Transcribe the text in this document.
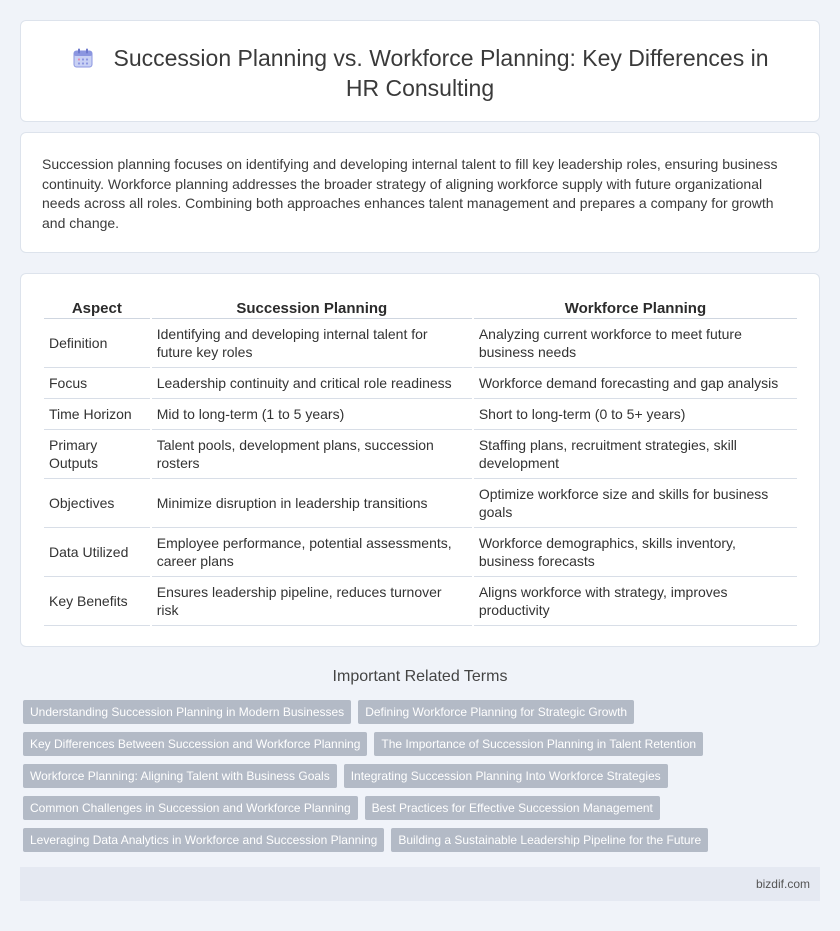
Succession Planning vs. Workforce Planning: Key Differences in HR Consulting

Succession planning focuses on identifying and developing internal talent to fill key leadership roles, ensuring business continuity. Workforce planning addresses the broader strategy of aligning workforce supply with future organizational needs across all roles. Combining both approaches enhances talent management and prepares a company for growth and change.

Aspect	Succession Planning	Workforce Planning
Definition	Identifying and developing internal talent for future key roles	Analyzing current workforce to meet future business needs
Focus	Leadership continuity and critical role readiness	Workforce demand forecasting and gap analysis
Time Horizon	Mid to long-term (1 to 5 years)	Short to long-term (0 to 5+ years)
Primary Outputs	Talent pools, development plans, succession rosters	Staffing plans, recruitment strategies, skill development
Objectives	Minimize disruption in leadership transitions	Optimize workforce size and skills for business goals
Data Utilized	Employee performance, potential assessments, career plans	Workforce demographics, skills inventory, business forecasts
Key Benefits	Ensures leadership pipeline, reduces turnover risk	Aligns workforce with strategy, improves productivity
Important Related Terms
Understanding Succession Planning in Modern Businesses	Defining Workforce Planning for Strategic Growth
Key Differences Between Succession and Workforce Planning	The Importance of Succession Planning in Talent Retention
Workforce Planning: Aligning Talent with Business Goals	Integrating Succession Planning Into Workforce Strategies
Common Challenges in Succession and Workforce Planning	Best Practices for Effective Succession Management
Leveraging Data Analytics in Workforce and Succession Planning	Building a Sustainable Leadership Pipeline for the Future
bizdif.com
